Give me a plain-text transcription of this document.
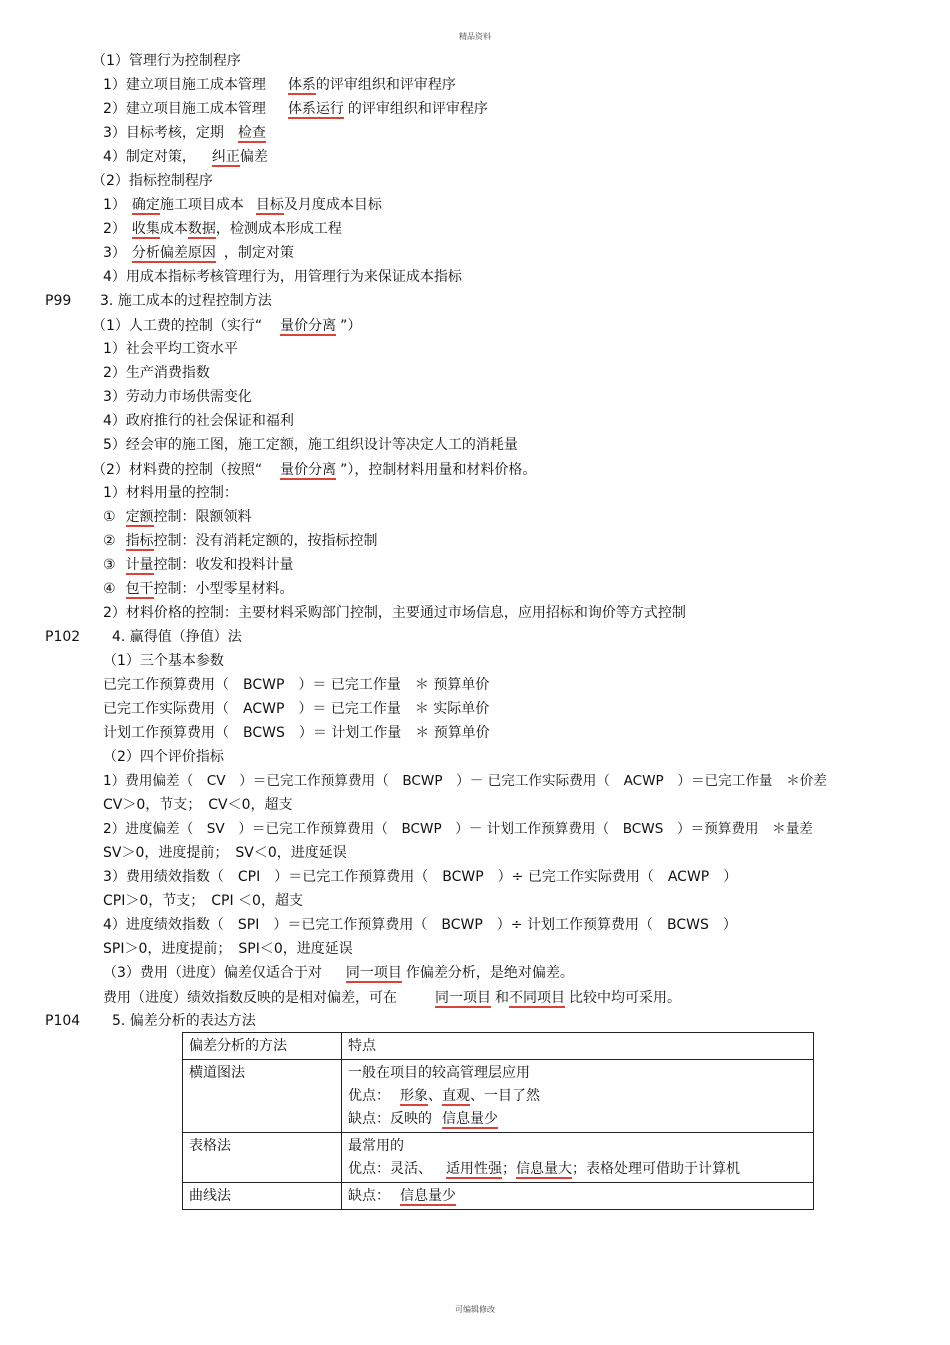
精品资料
（1）管理行为控制程序
1）建立项目施工成本管理 体系的评审组织和评审程序
2）建立项目施工成本管理 体系运行 的评审组织和评审程序
3）目标考核，定期 检查
4）制定对策， 纠正偏差
（2）指标控制程序
1） 确定施工项目成本 目标及月度成本目标
2） 收集成本数据，检测成本形成工程
3） 分析偏差原因 ，制定对策
4）用成本指标考核管理行为，用管理行为来保证成本指标
P99 3. 施工成本的过程控制方法
（1）人工费的控制（实行“ 量价分离 ”）
1）社会平均工资水平
2）生产消费指数
3）劳动力市场供需变化
4）政府推行的社会保证和福利
5）经会审的施工图，施工定额，施工组织设计等决定人工的消耗量
（2）材料费的控制（按照“ 量价分离 ”），控制材料用量和材料价格。
1）材料用量的控制：
① 定额控制：限额领料
② 指标控制：没有消耗定额的，按指标控制
③ 计量控制：收发和投料计量
④ 包干控制：小型零星材料。
2）材料价格的控制：主要材料采购部门控制，主要通过市场信息，应用招标和询价等方式控制
P102 4. 赢得值（挣值）法
（1）三个基本参数
已完工作预算费用（　BCWP　）＝ 已完工作量　＊ 预算单价
已完工作实际费用（　ACWP　）＝ 已完工作量　＊ 实际单价
计划工作预算费用（　BCWS　）＝ 计划工作量　＊ 预算单价
（2）四个评价指标
1）费用偏差（　CV　）＝已完工作预算费用（　BCWP　）－ 已完工作实际费用（　ACWP　）＝已完工作量　＊价差
CV＞0，节支；　CV＜0，超支
2）进度偏差（　SV　）＝已完工作预算费用（　BCWP　）－ 计划工作预算费用（　BCWS　）＝预算费用　＊量差
SV＞0，进度提前；　SV＜0，进度延误
3）费用绩效指数（　CPI　）＝已完工作预算费用（　BCWP　）÷ 已完工作实际费用（　ACWP　）
CPI＞0，节支；　CPI ＜0，超支
4）进度绩效指数（　SPI　）＝已完工作预算费用（　BCWP　）÷ 计划工作预算费用（　BCWS　）
SPI＞0，进度提前；　SPI＜0，进度延误
（3）费用（进度）偏差仅适合于对 同一项目 作偏差分析，是绝对偏差。
费用（进度）绩效指数反映的是相对偏差，可在	同一项目 和不同项目 比较中均可采用。
P104 5. 偏差分析的表达方法
偏差分析的方法	特点
横道图法	一般在项目的较高管理层应用
优点： 形象、直观、一目了然
缺点：反映的 信息量少

表格法	最常用的
优点：灵活、 适用性强；信息量大；表格处理可借助于计算机

曲线法	缺点： 信息量少
可编辑修改
